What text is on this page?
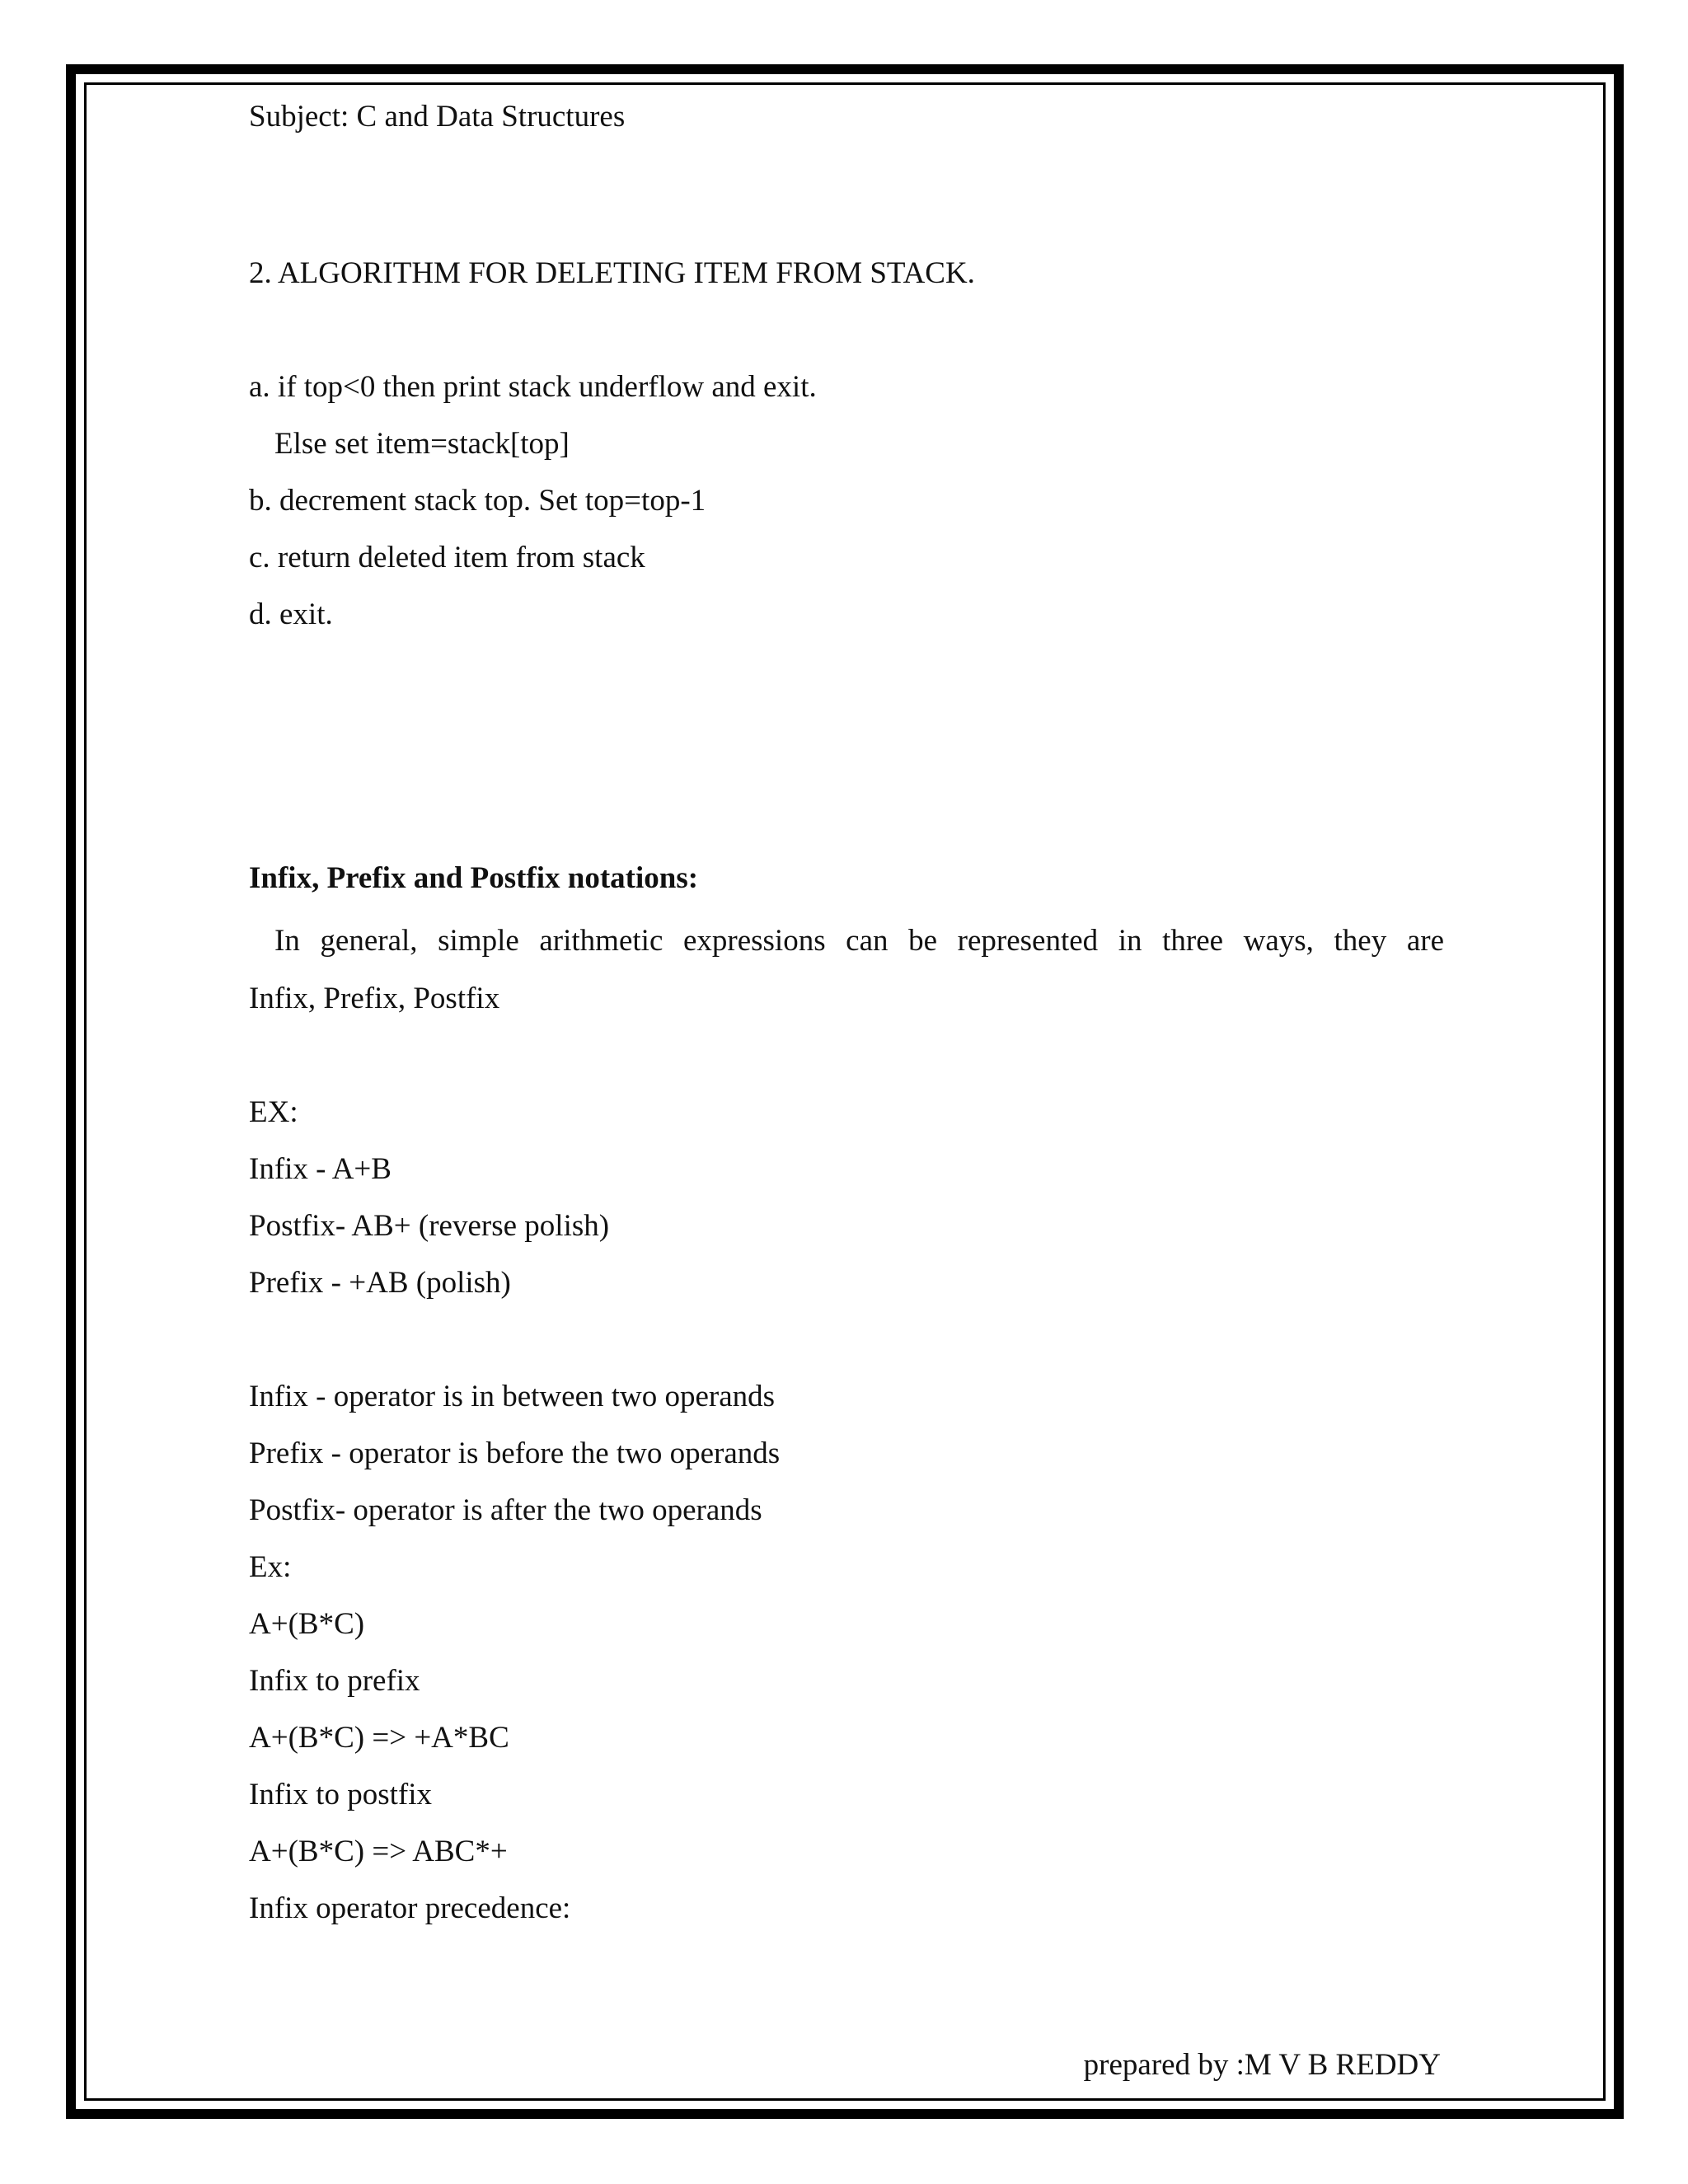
Subject: C and Data Structures
2. ALGORITHM FOR DELETING ITEM FROM STACK.
a. if top<0 then print stack underflow and exit.
Else set item=stack[top]
b. decrement stack top. Set top=top-1
c. return deleted item from stack
d. exit.
Infix, Prefix and Postfix notations:
In general, simple arithmetic expressions can be represented in three ways, they are
Infix, Prefix, Postfix
EX:
Infix - A+B
Postfix- AB+ (reverse polish)
Prefix - +AB (polish)
Infix - operator is in between two operands
Prefix - operator is before the two operands
Postfix- operator is after the two operands
Ex:
A+(B*C)
Infix to prefix
A+(B*C) => +A*BC
Infix to postfix
A+(B*C) => ABC*+
Infix operator precedence:
prepared by :M V B REDDY
